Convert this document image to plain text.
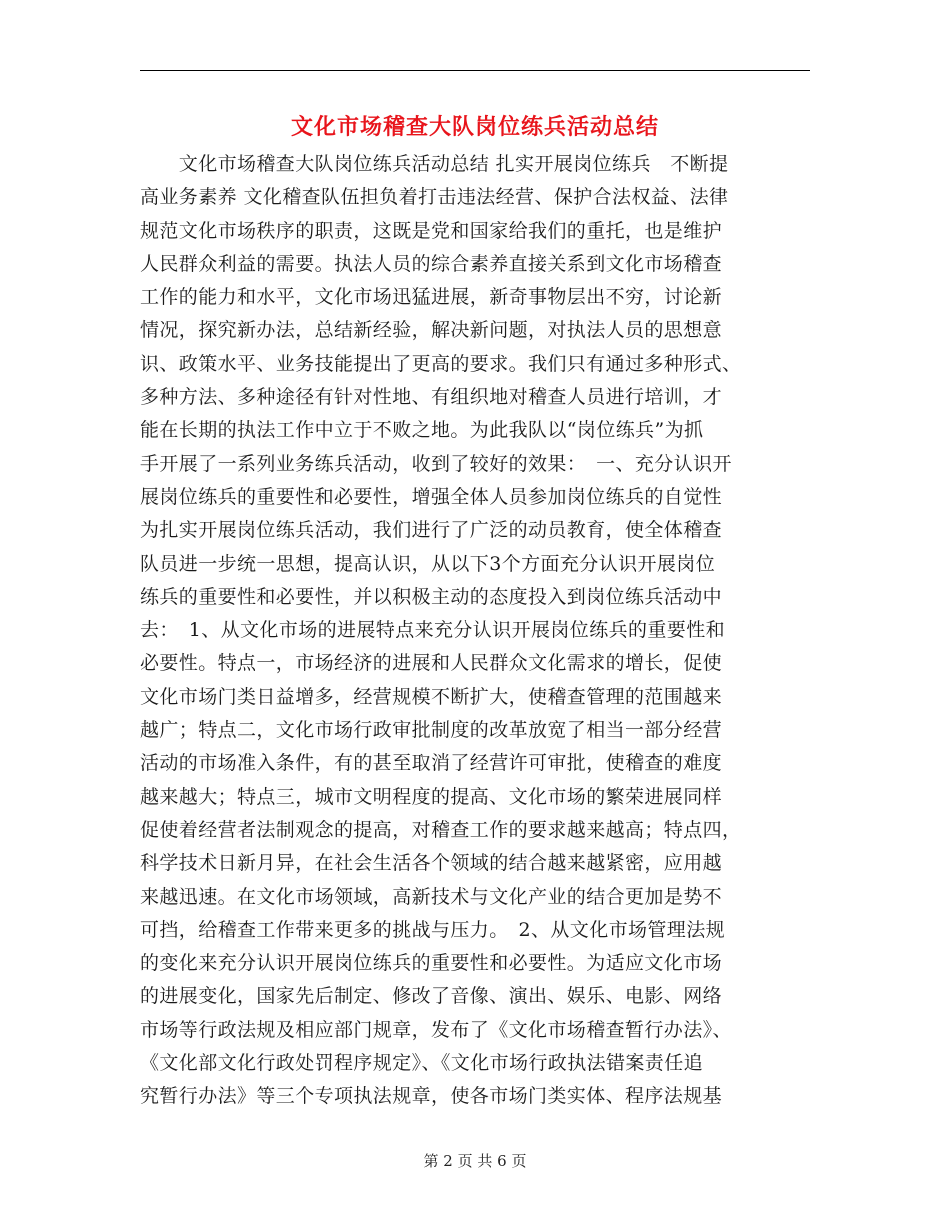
文化市场稽查大队岗位练兵活动总结
　　文化市场稽查大队岗位练兵活动总结 扎实开展岗位练兵　不断提
高业务素养 文化稽查队伍担负着打击违法经营、保护合法权益、法律
规范文化市场秩序的职责，这既是党和国家给我们的重托，也是维护
人民群众利益的需要。执法人员的综合素养直接关系到文化市场稽查
工作的能力和水平，文化市场迅猛进展，新奇事物层出不穷，讨论新
情况，探究新办法，总结新经验，解决新问题，对执法人员的思想意
识、政策水平、业务技能提出了更高的要求。我们只有通过多种形式、
多种方法、多种途径有针对性地、有组织地对稽查人员进行培训，才
能在长期的执法工作中立于不败之地。为此我队以“岗位练兵”为抓
手开展了一系列业务练兵活动，收到了较好的效果：　一、充分认识开
展岗位练兵的重要性和必要性，增强全体人员参加岗位练兵的自觉性
为扎实开展岗位练兵活动，我们进行了广泛的动员教育，使全体稽查
队员进一步统一思想，提高认识，从以下3个方面充分认识开展岗位
练兵的重要性和必要性，并以积极主动的态度投入到岗位练兵活动中
去：　1、从文化市场的进展特点来充分认识开展岗位练兵的重要性和
必要性。特点一，市场经济的进展和人民群众文化需求的增长，促使
文化市场门类日益增多，经营规模不断扩大，使稽查管理的范围越来
越广；特点二，文化市场行政审批制度的改革放宽了相当一部分经营
活动的市场准入条件，有的甚至取消了经营许可审批，使稽查的难度
越来越大；特点三，城市文明程度的提高、文化市场的繁荣进展同样
促使着经营者法制观念的提高，对稽查工作的要求越来越高；特点四，
科学技术日新月异，在社会生活各个领域的结合越来越紧密，应用越
来越迅速。在文化市场领域，高新技术与文化产业的结合更加是势不
可挡，给稽查工作带来更多的挑战与压力。　2、从文化市场管理法规
的变化来充分认识开展岗位练兵的重要性和必要性。为适应文化市场
的进展变化，国家先后制定、修改了音像、演出、娱乐、电影、网络
市场等行政法规及相应部门规章，发布了《文化市场稽查暂行办法》、
《文化部文化行政处罚程序规定》、《文化市场行政执法错案责任追
究暂行办法》等三个专项执法规章，使各市场门类实体、程序法规基
第 2 页 共 6 页
